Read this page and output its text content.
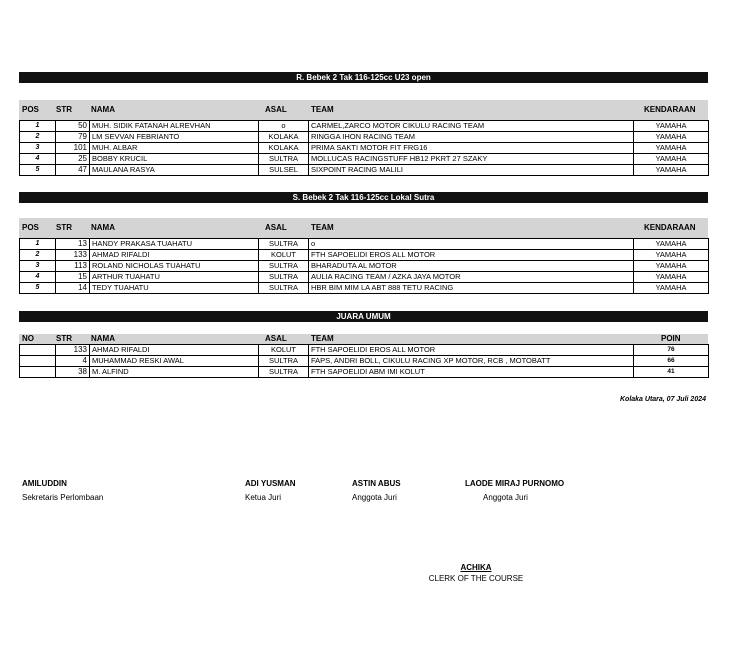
R. Bebek 2 Tak 116-125cc U23 open
POS STR NAMA	ASAL	TEAM	KENDARAAN
1	50	MUH. SIDIK FATANAH ALREVHAN	o	CARMEL,ZARCO MOTOR CIKULU RACING TEAM	YAMAHA
2	79	LM SEVVAN FEBRIANTO	KOLAKA	RINGGA IHON RACING TEAM	YAMAHA
3	101	MUH. ALBAR	KOLAKA	PRIMA SAKTI MOTOR FIT FRG16	YAMAHA
4	25	BOBBY KRUCIL	SULTRA	MOLLUCAS RACINGSTUFF HB12 PKRT 27 SZAKY	YAMAHA
5	47	MAULANA RASYA	SULSEL	SIXPOINT RACING MALILI	YAMAHA
S. Bebek 2 Tak 116-125cc Lokal Sutra
POS STR NAMA	ASAL	TEAM	KENDARAAN
1	13	HANDY PRAKASA TUAHATU	SULTRA	o	YAMAHA
2	133	AHMAD RIFALDI	KOLUT	FTH SAPOELIDI EROS ALL MOTOR	YAMAHA
3	113	ROLAND NICHOLAS TUAHATU	SULTRA	BHARADUTA AL MOTOR	YAMAHA
4	15	ARTHUR TUAHATU	SULTRA	AULIA RACING TEAM / AZKA JAYA MOTOR	YAMAHA
5	14	TEDY TUAHATU	SULTRA	HBR BIM MIM LA ABT 888 TETU RACING	YAMAHA
JUARA UMUM
NO	STR NAMA	ASAL	TEAM	POIN
	133	AHMAD RIFALDI	KOLUT	FTH SAPOELIDI EROS ALL MOTOR	76
	4	MUHAMMAD RESKI AWAL	SULTRA	FAPS, ANDRI BOLL, CIKULU RACING XP MOTOR, RCB , MOTOBATT	66
	38	M. ALFIND	SULTRA	FTH SAPOELIDI ABM IMI KOLUT	41
Kolaka Utara, 07 Juli 2024
AMILUDDIN
Sekretaris Perlombaan
ADI YUSMAN
Ketua Juri
ASTIN ABUS
Anggota Juri
LAODE MIRAJ PURNOMO
Anggota Juri
ACHIKA
CLERK OF THE COURSE
